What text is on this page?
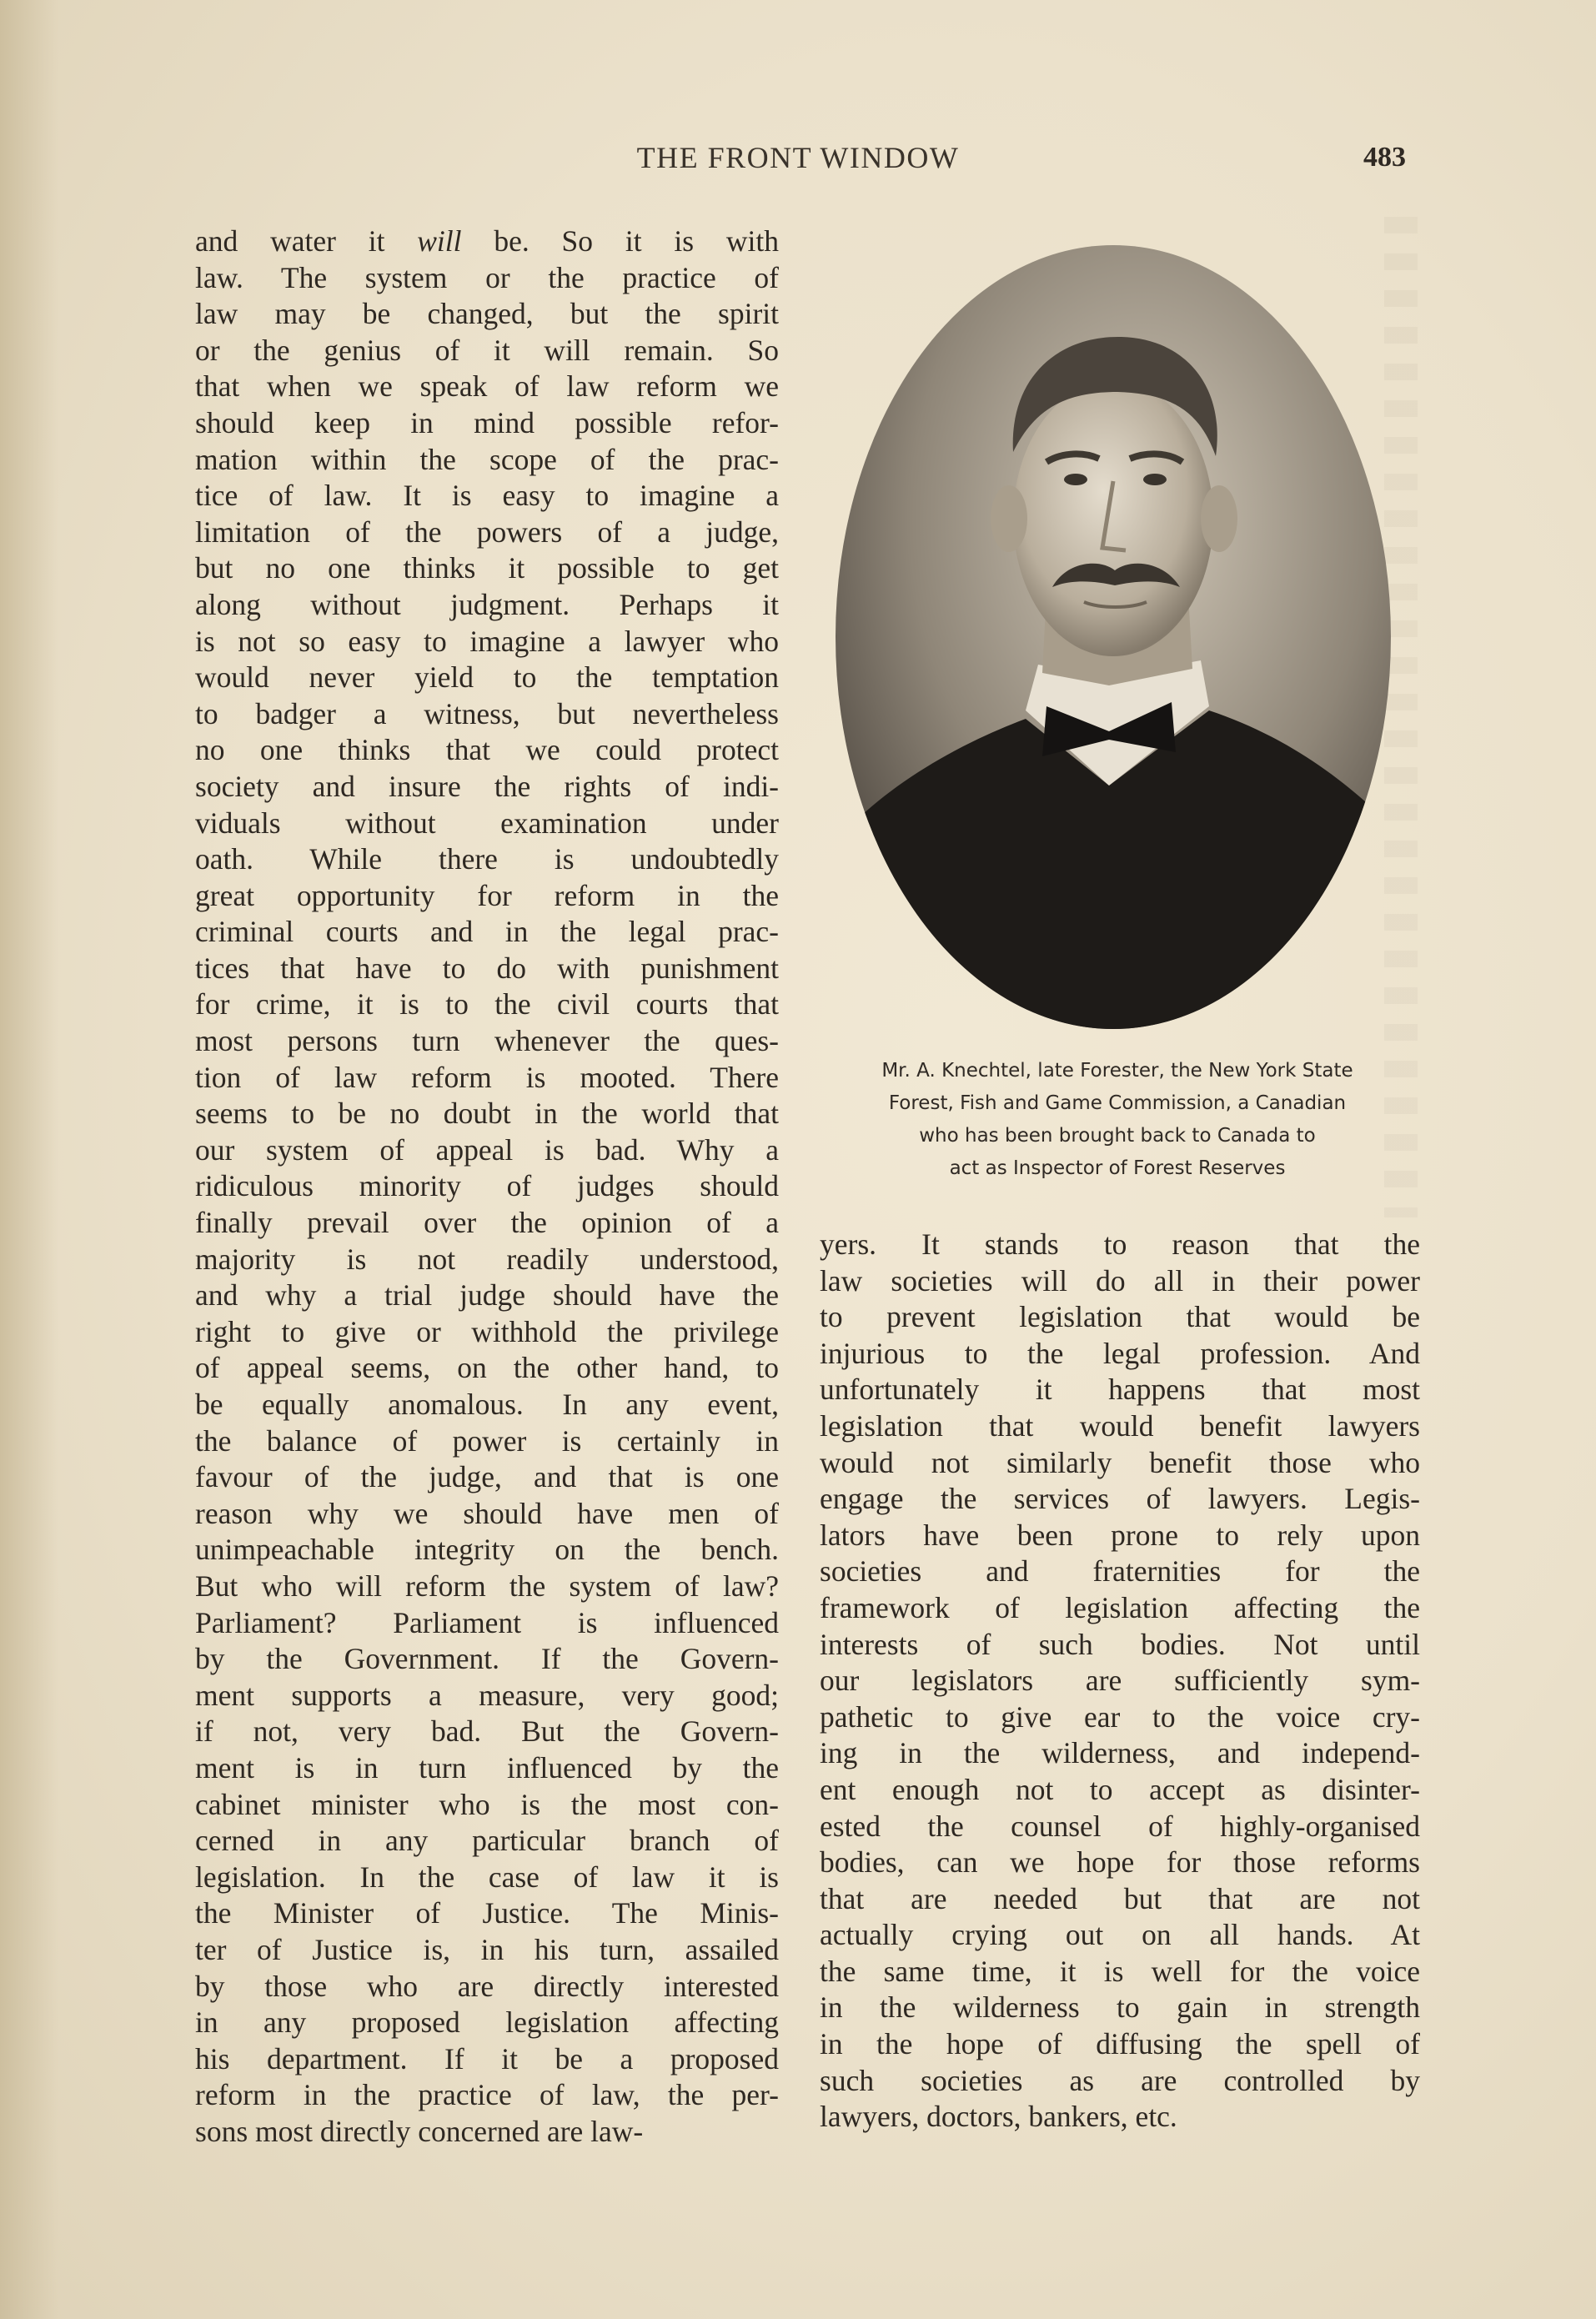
THE FRONT WINDOW	483
and water it will be. So it is with
law. The system or the practice of
law may be changed, but the spirit
or the genius of it will remain. So
that when we speak of law reform we
should keep in mind possible refor-
mation within the scope of the prac-
tice of law. It is easy to imagine a
limitation of the powers of a judge,
but no one thinks it possible to get
along without judgment. Perhaps it
is not so easy to imagine a lawyer who
would never yield to the temptation
to badger a witness, but nevertheless
no one thinks that we could protect
society and insure the rights of indi-
viduals without examination under
oath. While there is undoubtedly
great opportunity for reform in the
criminal courts and in the legal prac-
tices that have to do with punishment
for crime, it is to the civil courts that
most persons turn whenever the ques-
tion of law reform is mooted. There
seems to be no doubt in the world that
our system of appeal is bad. Why a
ridiculous minority of judges should
finally prevail over the opinion of a
majority is not readily understood,
and why a trial judge should have the
right to give or withhold the privilege
of appeal seems, on the other hand, to
be equally anomalous. In any event,
the balance of power is certainly in
favour of the judge, and that is one
reason why we should have men of
unimpeachable integrity on the bench.
But who will reform the system of law?
Parliament? Parliament is influenced
by the Government. If the Govern-
ment supports a measure, very good;
if not, very bad. But the Govern-
ment is in turn influenced by the
cabinet minister who is the most con-
cerned in any particular branch of
legislation. In the case of law it is
the Minister of Justice. The Minis-
ter of Justice is, in his turn, assailed
by those who are directly interested
in any proposed legislation affecting
his department. If it be a proposed
reform in the practice of law, the per-
sons most directly concerned are law-
Mr. A. Knechtel, late Forester, the New York State
Forest, Fish and Game Commission, a Canadian
who has been brought back to Canada to
act as Inspector of Forest Reserves
yers. It stands to reason that the
law societies will do all in their power
to prevent legislation that would be
injurious to the legal profession. And
unfortunately it happens that most
legislation that would benefit lawyers
would not similarly benefit those who
engage the services of lawyers. Legis-
lators have been prone to rely upon
societies and fraternities for the
framework of legislation affecting the
interests of such bodies. Not until
our legislators are sufficiently sym-
pathetic to give ear to the voice cry-
ing in the wilderness, and independ-
ent enough not to accept as disinter-
ested the counsel of highly-organised
bodies, can we hope for those reforms
that are needed but that are not
actually crying out on all hands. At
the same time, it is well for the voice
in the wilderness to gain in strength
in the hope of diffusing the spell of
such societies as are controlled by
lawyers, doctors, bankers, etc.
